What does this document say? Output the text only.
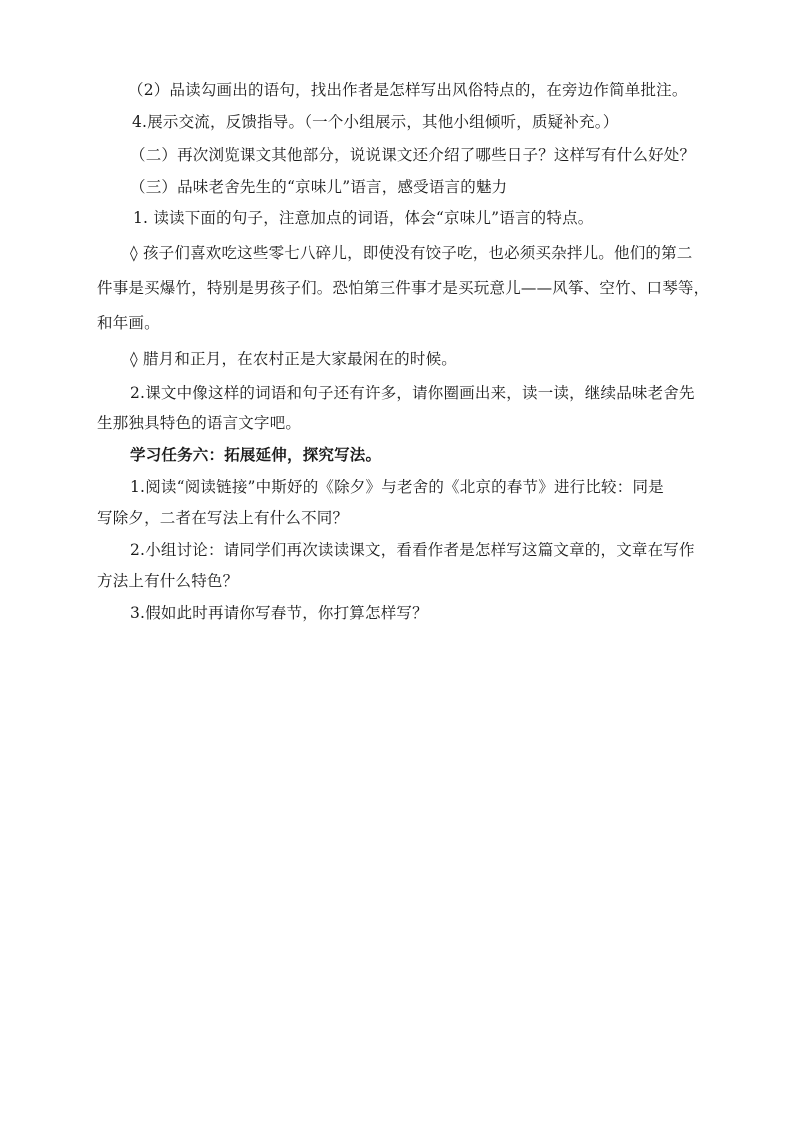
（2）品读勾画出的语句，找出作者是怎样写出风俗特点的，在旁边作简单批注。
4.展示交流，反馈指导。（一个小组展示，其他小组倾听，质疑补充。）
（二）再次浏览课文其他部分，说说课文还介绍了哪些日子？这样写有什么好处？
（三）品味老舍先生的“京味儿”语言，感受语言的魅力
1. 读读下面的句子，注意加点的词语，体会“京味儿”语言的特点。
◊ 孩子们喜欢吃这些零七八碎儿，即使没有饺子吃，也必须买杂拌儿。他们的第二
件事是买爆竹，特别是男孩子们。恐怕第三件事才是买玩意儿——风筝、空竹、口琴等，
和年画。
◊ 腊月和正月，在农村正是大家最闲在的时候。
2.课文中像这样的词语和句子还有许多，请你圈画出来，读一读，继续品味老舍先
生那独具特色的语言文字吧。
学习任务六：拓展延伸，探究写法。
1.阅读“阅读链接”中斯妤的《除夕》与老舍的《北京的春节》进行比较：同是
写除夕，二者在写法上有什么不同？
2.小组讨论：请同学们再次读读课文，看看作者是怎样写这篇文章的，文章在写作
方法上有什么特色？
3.假如此时再请你写春节，你打算怎样写？
